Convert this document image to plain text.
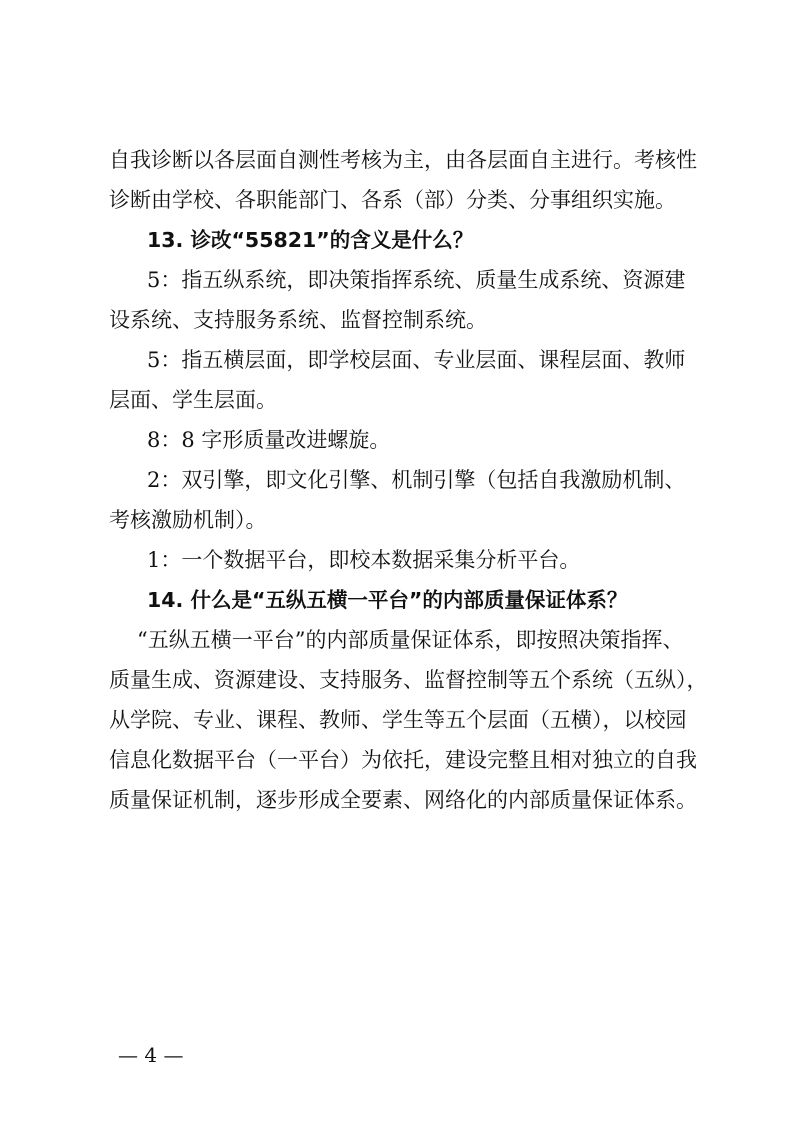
自我诊断以各层面自测性考核为主，由各层面自主进行。考核性

诊断由学校、各职能部门、各系（部）分类、分事组织实施。

13. 诊改“55821”的含义是什么？

5：指五纵系统，即决策指挥系统、质量生成系统、资源建

设系统、支持服务系统、监督控制系统。

5：指五横层面，即学校层面、专业层面、课程层面、教师

层面、学生层面。

8：8 字形质量改进螺旋。

2：双引擎，即文化引擎、机制引擎（包括自我激励机制、

考核激励机制）。

1：一个数据平台，即校本数据采集分析平台。

14. 什么是“五纵五横一平台”的内部质量保证体系？

“五纵五横一平台”的内部质量保证体系，即按照决策指挥、

质量生成、资源建设、支持服务、监督控制等五个系统（五纵），

从学院、专业、课程、教师、学生等五个层面（五横），以校园

信息化数据平台（一平台）为依托，建设完整且相对独立的自我

质量保证机制，逐步形成全要素、网络化的内部质量保证体系。

— 4 —
